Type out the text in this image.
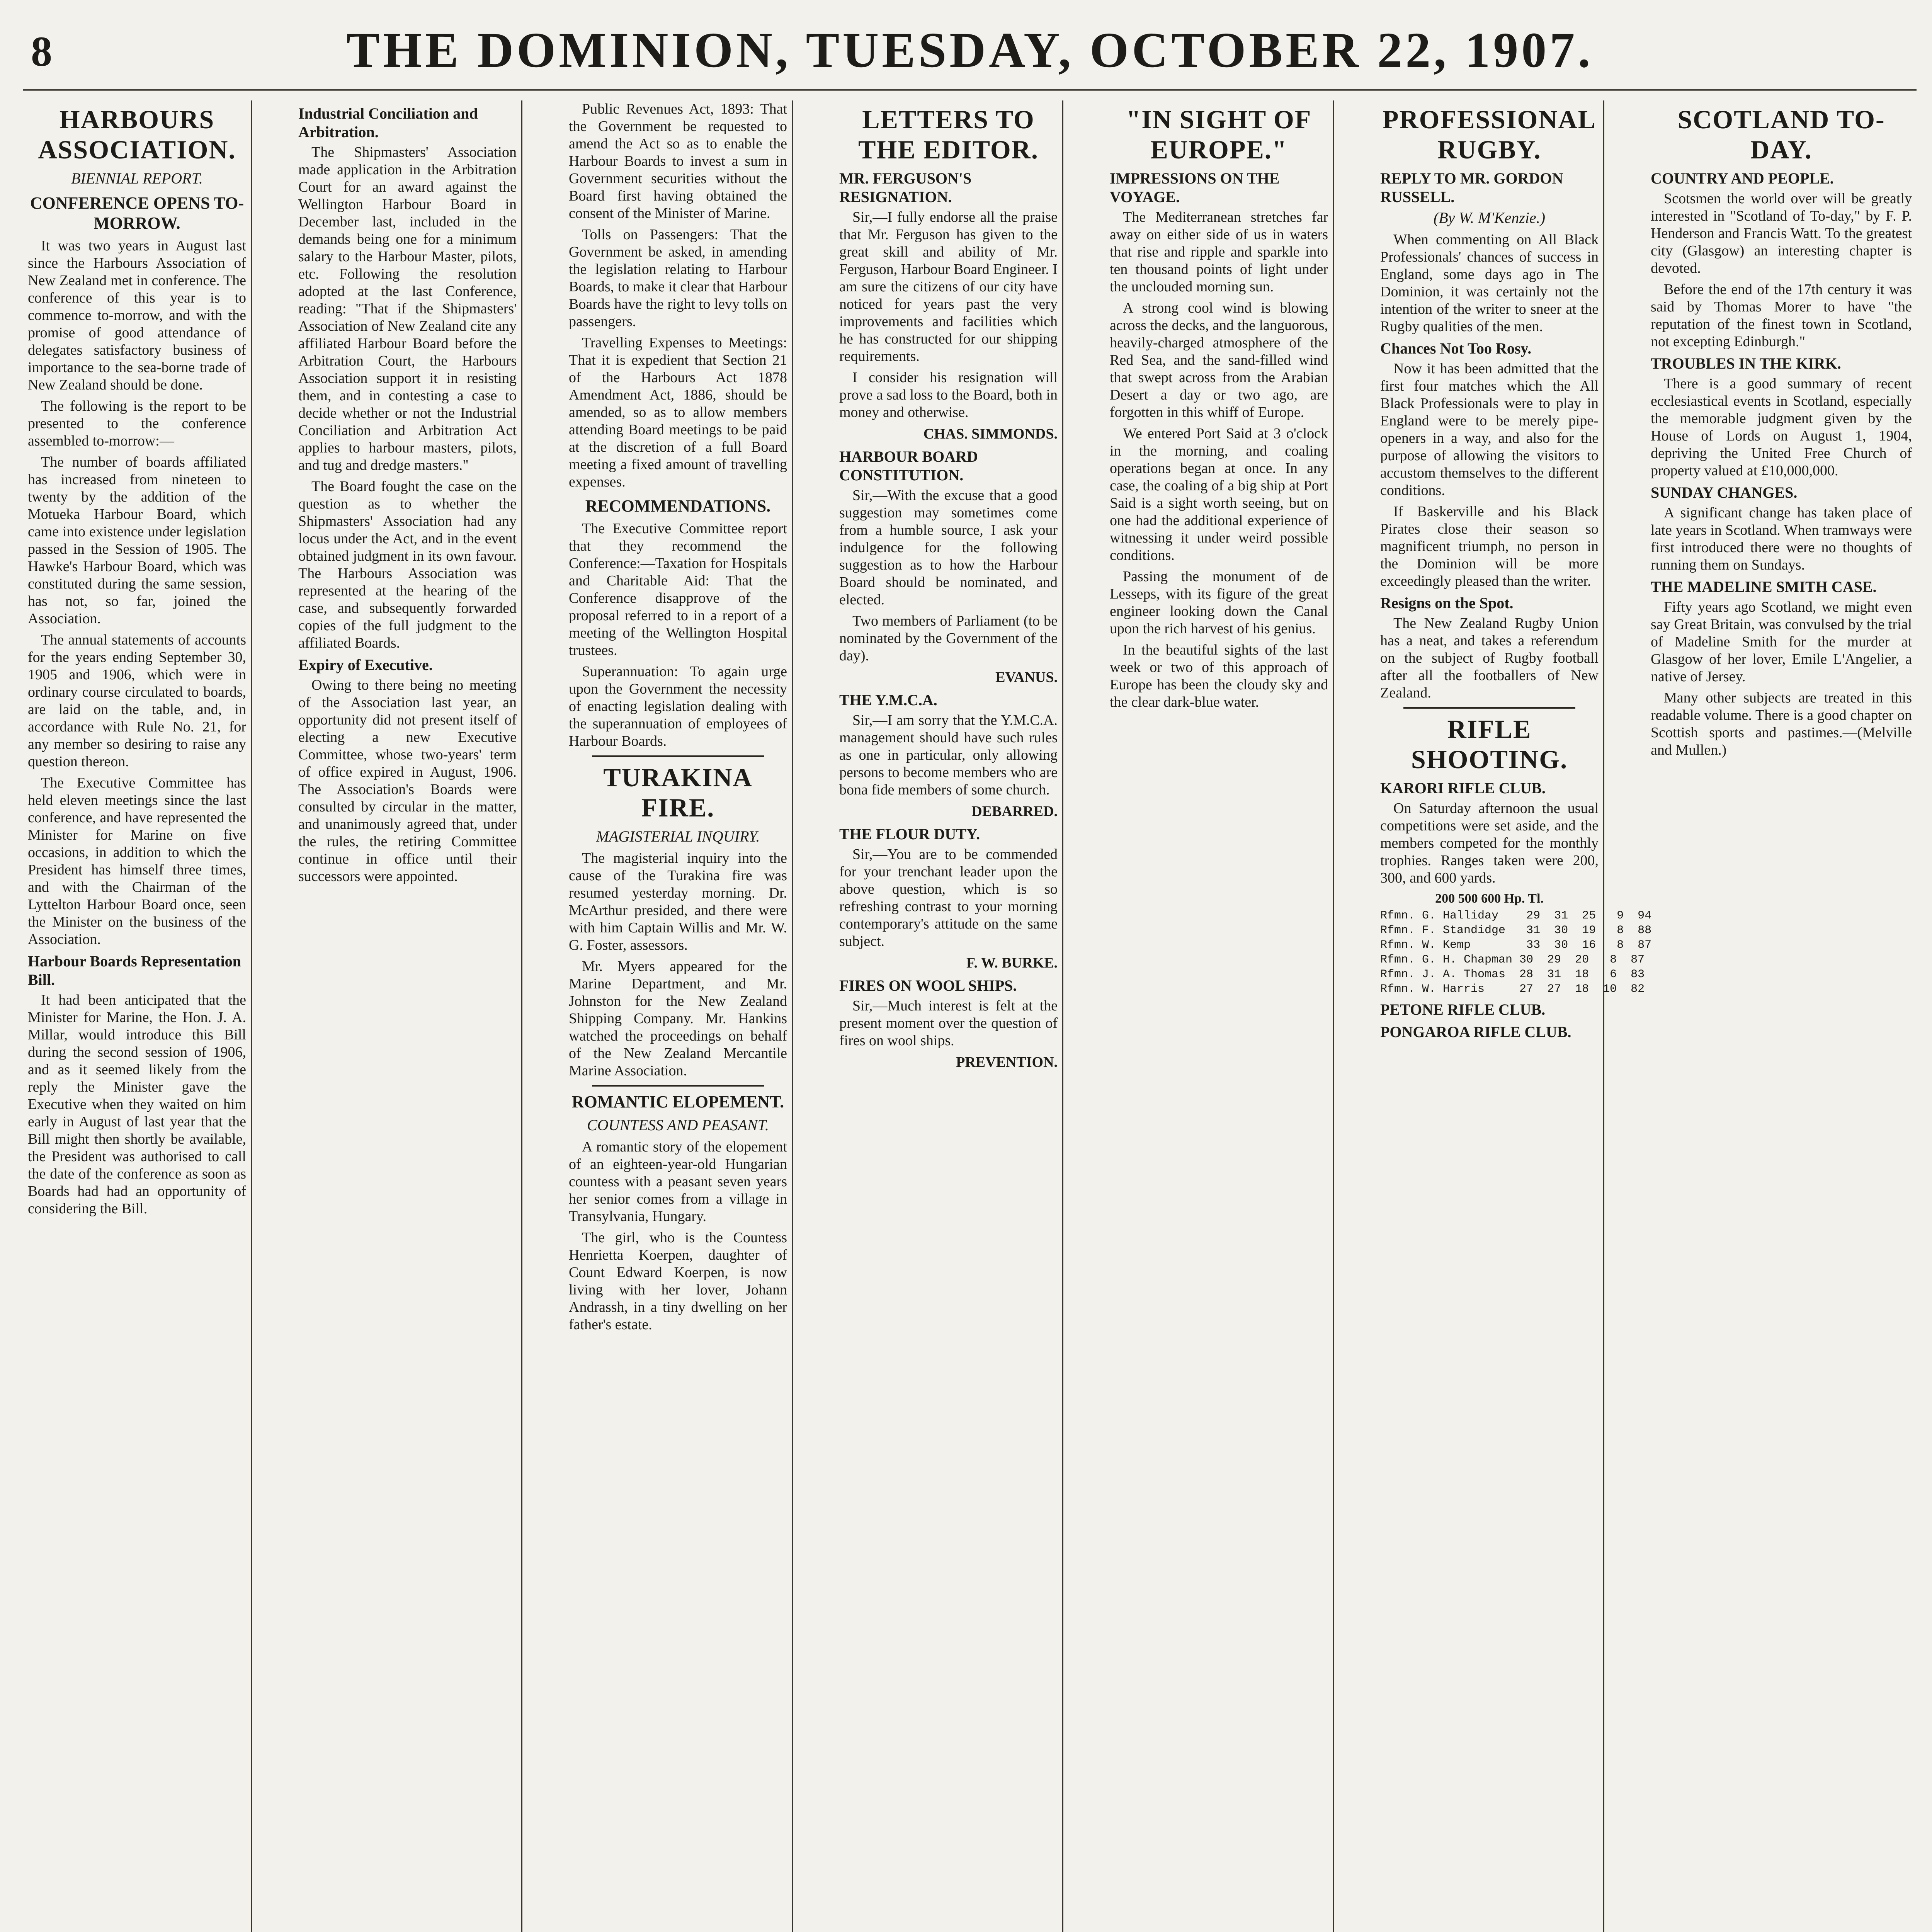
8	THE DOMINION, TUESDAY, OCTOBER 22, 1907.
HARBOURS ASSOCIATION.
BIENNIAL REPORT.
CONFERENCE OPENS TO-MORROW.

It was two years in August last since the Harbours Association of New Zealand met in conference. The conference of this year is to commence to-morrow, and with the promise of good attendance of delegates satisfactory business of importance to the sea-borne trade of New Zealand should be done.

The following is the report to be presented to the conference assembled to-morrow:—

The number of boards affiliated has increased from nineteen to twenty by the addition of the Motueka Harbour Board, which came into existence under legislation passed in the Session of 1905. The Hawke's Harbour Board, which was constituted during the same session, has not, so far, joined the Association.

The annual statements of accounts for the years ending September 30, 1905 and 1906, which were in ordinary course circulated to boards, are laid on the table, and, in accordance with Rule No. 21, for any member so desiring to raise any question thereon.

The Executive Committee has held eleven meetings since the last conference, and have represented the Minister for Marine on five occasions, in addition to which the President has himself three times, and with the Chairman of the Lyttelton Harbour Board once, seen the Minister on the business of the Association.

Harbour Boards Representation Bill.

It had been anticipated that the Minister for Marine, the Hon. J. A. Millar, would introduce this Bill during the second session of 1906, and as it seemed likely from the reply the Minister gave the Executive when they waited on him early in August of last year that the Bill might then shortly be available, the President was authorised to call the date of the conference as soon as Boards had had an opportunity of considering the Bill.

Industrial Conciliation and Arbitration.

The Shipmasters' Association made application in the Arbitration Court for an award against the Wellington Harbour Board in December last, included in the demands being one for a minimum salary to the Harbour Master, pilots, etc. Following the resolution adopted at the last Conference, reading: "That if the Shipmasters' Association of New Zealand cite any affiliated Harbour Board before the Arbitration Court, the Harbours Association support it in resisting them, and in contesting a case to decide whether or not the Industrial Conciliation and Arbitration Act applies to harbour masters, pilots, and tug and dredge masters."

The Board fought the case on the question as to whether the Shipmasters' Association had any locus under the Act, and in the event obtained judgment in its own favour. The Harbours Association was represented at the hearing of the case, and subsequently forwarded copies of the full judgment to the affiliated Boards.

Expiry of Executive.

Owing to there being no meeting of the Association last year, an opportunity did not present itself of electing a new Executive Committee, whose two-years' term of office expired in August, 1906. The Association's Boards were consulted by circular in the matter, and unanimously agreed that, under the rules, the retiring Committee continue in office until their successors were appointed.

Public Revenues Act, 1893: That the Government be requested to amend the Act so as to enable the Harbour Boards to invest a sum in Government securities without the Board first having obtained the consent of the Minister of Marine.

Tolls on Passengers: That the Government be asked, in amending the legislation relating to Harbour Boards, to make it clear that Harbour Boards have the right to levy tolls on passengers.

Travelling Expenses to Meetings: That it is expedient that Section 21 of the Harbours Act 1878 Amendment Act, 1886, should be amended, so as to allow members attending Board meetings to be paid at the discretion of a full Board meeting a fixed amount of travelling expenses.

RECOMMENDATIONS.

The Executive Committee report that they recommend the Conference:—Taxation for Hospitals and Charitable Aid: That the Conference disapprove of the proposal referred to in a report of a meeting of the Wellington Hospital trustees.

Superannuation: To again urge upon the Government the necessity of enacting legislation dealing with the superannuation of employees of Harbour Boards.

TURAKINA FIRE.
MAGISTERIAL INQUIRY.

The magisterial inquiry into the cause of the Turakina fire was resumed yesterday morning. Dr. McArthur presided, and there were with him Captain Willis and Mr. W. G. Foster, assessors.

Mr. Myers appeared for the Marine Department, and Mr. Johnston for the New Zealand Shipping Company. Mr. Hankins watched the proceedings on behalf of the New Zealand Mercantile Marine Association.

ROMANTIC ELOPEMENT.
COUNTESS AND PEASANT.

A romantic story of the elopement of an eighteen-year-old Hungarian countess with a peasant seven years her senior comes from a village in Transylvania, Hungary.

The girl, who is the Countess Henrietta Koerpen, daughter of Count Edward Koerpen, is now living with her lover, Johann Andrassh, in a tiny dwelling on her father's estate.

LETTERS TO THE EDITOR.
MR. FERGUSON'S RESIGNATION.

Sir,—I fully endorse all the praise that Mr. Ferguson has given to the great skill and ability of Mr. Ferguson, Harbour Board Engineer. I am sure the citizens of our city have noticed for years past the very improvements and facilities which he has constructed for our shipping requirements.

I consider his resignation will prove a sad loss to the Board, both in money and otherwise.

CHAS. SIMMONDS.
HARBOUR BOARD CONSTITUTION.

Sir,—With the excuse that a good suggestion may sometimes come from a humble source, I ask your indulgence for the following suggestion as to how the Harbour Board should be nominated, and elected.

Two members of Parliament (to be nominated by the Government of the day).

EVANUS.
THE Y.M.C.A.

Sir,—I am sorry that the Y.M.C.A. management should have such rules as one in particular, only allowing persons to become members who are bona fide members of some church.

DEBARRED.
THE FLOUR DUTY.

Sir,—You are to be commended for your trenchant leader upon the above question, which is so refreshing contrast to your morning contemporary's attitude on the same subject.

F. W. BURKE.
FIRES ON WOOL SHIPS.

Sir,—Much interest is felt at the present moment over the question of fires on wool ships.

PREVENTION.
"IN SIGHT OF EUROPE."
IMPRESSIONS ON THE VOYAGE.

The Mediterranean stretches far away on either side of us in waters that rise and ripple and sparkle into ten thousand points of light under the unclouded morning sun.

A strong cool wind is blowing across the decks, and the languorous, heavily-charged atmosphere of the Red Sea, and the sand-filled wind that swept across from the Arabian Desert a day or two ago, are forgotten in this whiff of Europe.

We entered Port Said at 3 o'clock in the morning, and coaling operations began at once. In any case, the coaling of a big ship at Port Said is a sight worth seeing, but on one had the additional experience of witnessing it under weird possible conditions.

Passing the monument of de Lesseps, with its figure of the great engineer looking down the Canal upon the rich harvest of his genius.

In the beautiful sights of the last week or two of this approach of Europe has been the cloudy sky and the clear dark-blue water.

PROFESSIONAL RUGBY.
REPLY TO MR. GORDON RUSSELL.
(By W. M'Kenzie.)

When commenting on All Black Professionals' chances of success in England, some days ago in The Dominion, it was certainly not the intention of the writer to sneer at the Rugby qualities of the men.

Chances Not Too Rosy.

Now it has been admitted that the first four matches which the All Black Professionals were to play in England were to be merely pipe-openers in a way, and also for the purpose of allowing the visitors to accustom themselves to the different conditions.

If Baskerville and his Black Pirates close their season so magnificent triumph, no person in the Dominion will be more exceedingly pleased than the writer.

Resigns on the Spot.

The New Zealand Rugby Union has a neat, and takes a referendum on the subject of Rugby football after all the footballers of New Zealand.

RIFLE SHOOTING.
KARORI RIFLE CLUB.

On Saturday afternoon the usual competitions were set aside, and the members competed for the monthly trophies. Ranges taken were 200, 300, and 600 yards.

200 500 600 Hp. Tl.
Rfmn. G. Halliday    29  31  25   9  94
Rfmn. F. Standidge   31  30  19   8  88
Rfmn. W. Kemp        33  30  16   8  87
Rfmn. G. H. Chapman 30  29  20   8  87
Rfmn. J. A. Thomas  28  31  18   6  83
Rfmn. W. Harris     27  27  18  10  82
PETONE RIFLE CLUB.
PONGAROA RIFLE CLUB.
SCOTLAND TO-DAY.
COUNTRY AND PEOPLE.

Scotsmen the world over will be greatly interested in "Scotland of To-day," by F. P. Henderson and Francis Watt. To the greatest city (Glasgow) an interesting chapter is devoted.

Before the end of the 17th century it was said by Thomas Morer to have "the reputation of the finest town in Scotland, not excepting Edinburgh."

TROUBLES IN THE KIRK.

There is a good summary of recent ecclesiastical events in Scotland, especially the memorable judgment given by the House of Lords on August 1, 1904, depriving the United Free Church of property valued at £10,000,000.

SUNDAY CHANGES.

A significant change has taken place of late years in Scotland. When tramways were first introduced there were no thoughts of running them on Sundays.

THE MADELINE SMITH CASE.

Fifty years ago Scotland, we might even say Great Britain, was convulsed by the trial of Madeline Smith for the murder at Glasgow of her lover, Emile L'Angelier, a native of Jersey.

Many other subjects are treated in this readable volume. There is a good chapter on Scottish sports and pastimes.—(Melville and Mullen.)
